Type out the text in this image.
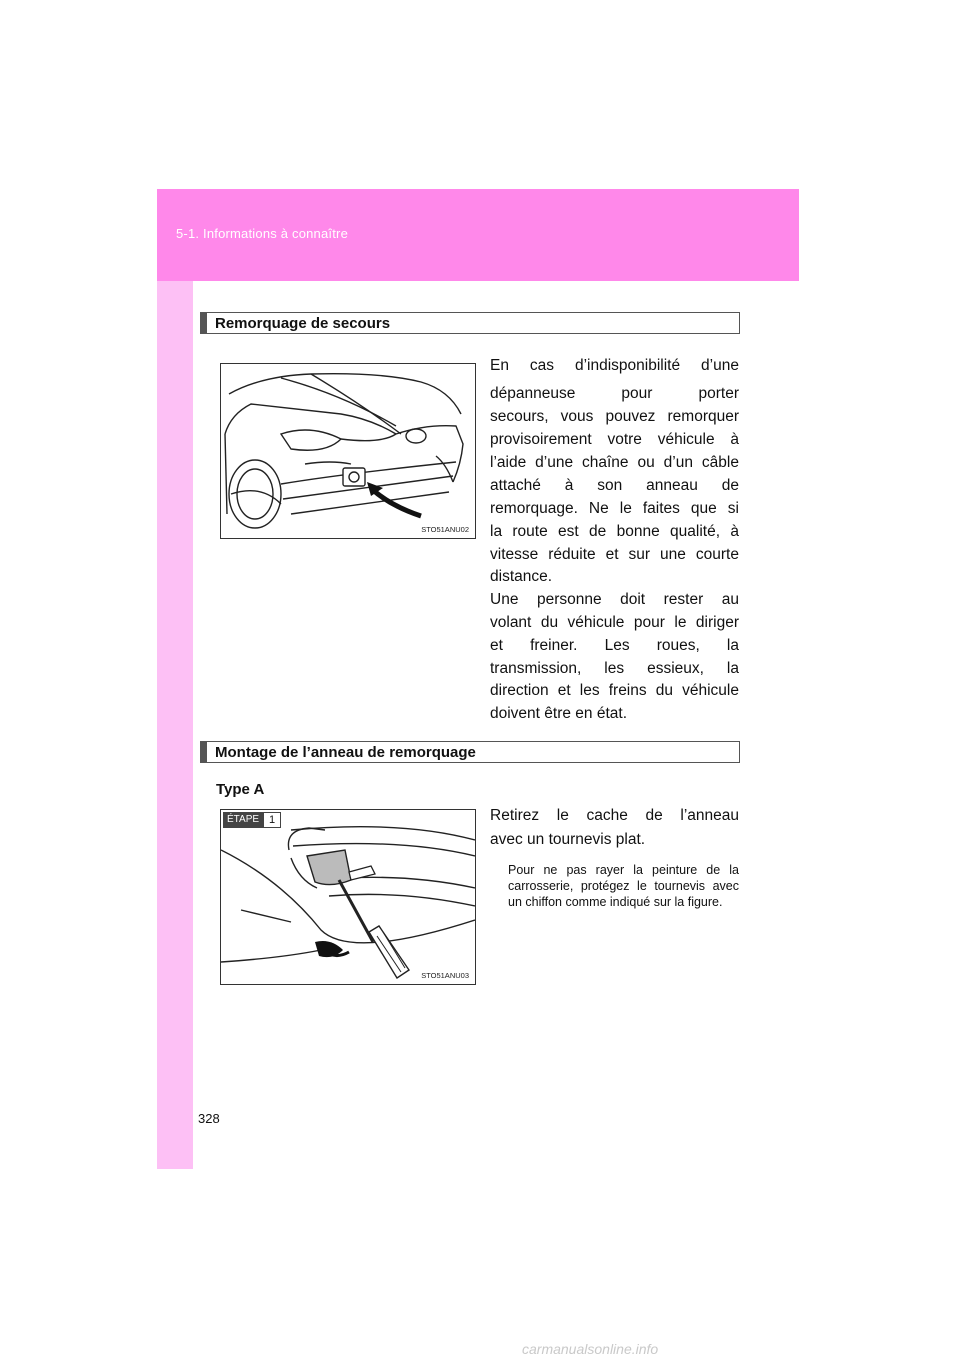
5-1. Informations à connaître
Remorquage de secours
STO51ANU02
En cas d’indisponibilité d’une
dépanneuse pour porter
secours, vous pouvez remorquer
provisoirement votre véhicule à
l’aide d’une chaîne ou d’un câble
attaché à son anneau de
remorquage. Ne le faites que si
la route est de bonne qualité, à
vitesse réduite et sur une courte
distance.
Une personne doit rester au
volant du véhicule pour le diriger
et freiner. Les roues, la
transmission, les essieux, la
direction et les freins du véhicule
doivent être en état.
Montage de l’anneau de remorquage
Type A
ÉTAPE 1
STO51ANU03
Retirez le cache de l’anneau
avec un tournevis plat.
Pour ne pas rayer la peinture de la carrosserie, protégez le tournevis avec un chiffon comme indiqué sur la figure.
328
carmanualsonline.info
